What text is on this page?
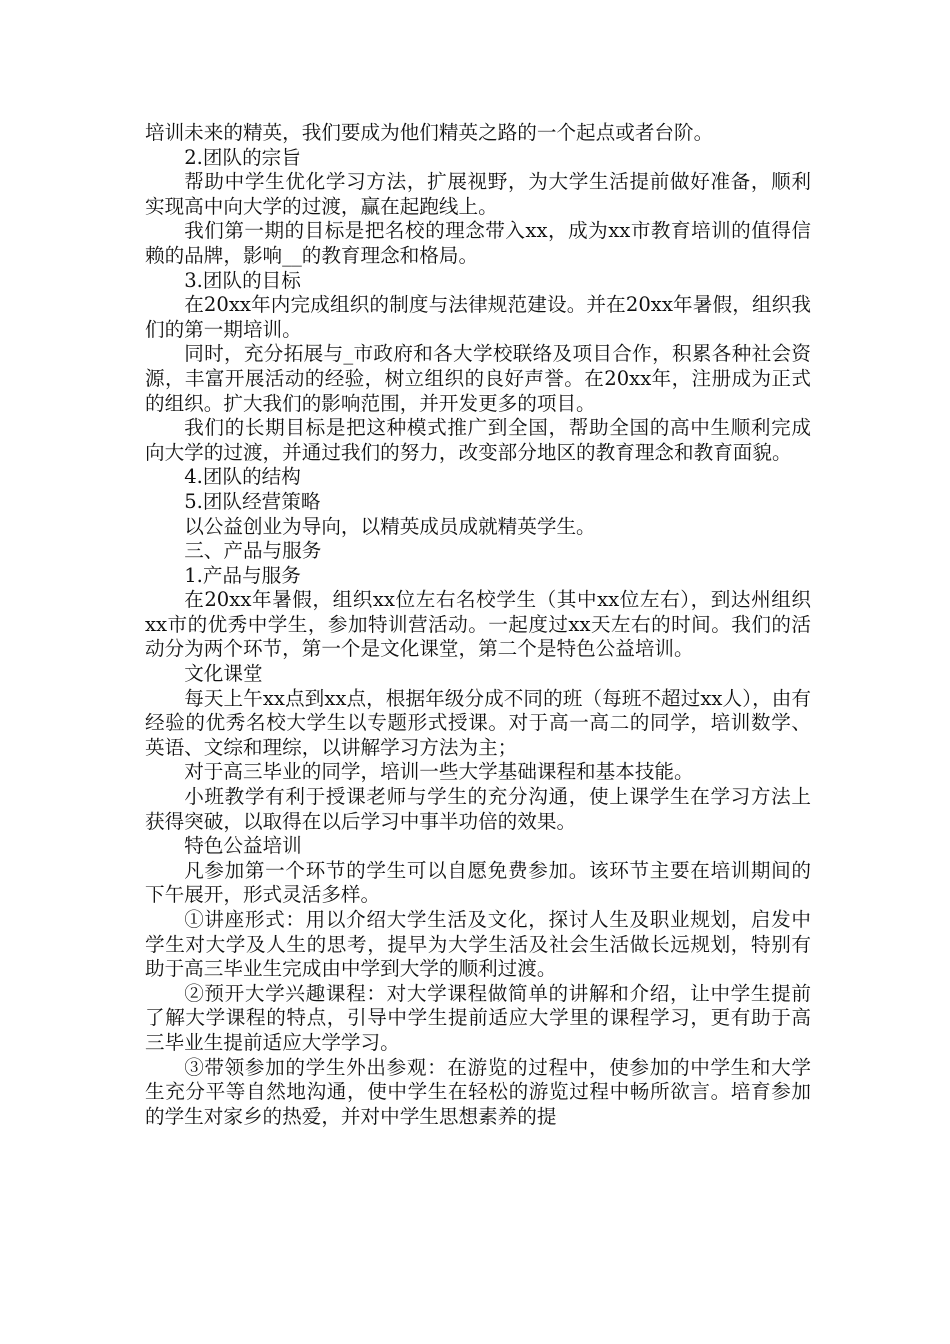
培训未来的精英，我们要成为他们精英之路的一个起点或者台阶。

2.团队的宗旨

帮助中学生优化学习方法，扩展视野，为大学生活提前做好准备，顺利实现高中向大学的过渡，赢在起跑线上。

我们第一期的目标是把名校的理念带入xx，成为xx市教育培训的值得信赖的品牌，影响__的教育理念和格局。

3.团队的目标

在20xx年内完成组织的制度与法律规范建设。并在20xx年暑假，组织我们的第一期培训。

同时，充分拓展与_市政府和各大学校联络及项目合作，积累各种社会资源，丰富开展活动的经验，树立组织的良好声誉。在20xx年，注册成为正式的组织。扩大我们的影响范围，并开发更多的项目。

我们的长期目标是把这种模式推广到全国，帮助全国的高中生顺利完成向大学的过渡，并通过我们的努力，改变部分地区的教育理念和教育面貌。

4.团队的结构

5.团队经营策略

以公益创业为导向，以精英成员成就精英学生。

三、产品与服务

1.产品与服务

在20xx年暑假，组织xx位左右名校学生（其中xx位左右），到达州组织xx市的优秀中学生，参加特训营活动。一起度过xx天左右的时间。我们的活动分为两个环节，第一个是文化课堂，第二个是特色公益培训。

文化课堂

每天上午xx点到xx点，根据年级分成不同的班（每班不超过xx人），由有经验的优秀名校大学生以专题形式授课。对于高一高二的同学，培训数学、英语、文综和理综，以讲解学习方法为主；

对于高三毕业的同学，培训一些大学基础课程和基本技能。

小班教学有利于授课老师与学生的充分沟通，使上课学生在学习方法上获得突破，以取得在以后学习中事半功倍的效果。

特色公益培训

凡参加第一个环节的学生可以自愿免费参加。该环节主要在培训期间的下午展开，形式灵活多样。

①讲座形式：用以介绍大学生活及文化，探讨人生及职业规划，启发中学生对大学及人生的思考，提早为大学生活及社会生活做长远规划，特别有助于高三毕业生完成由中学到大学的顺利过渡。

②预开大学兴趣课程：对大学课程做简单的讲解和介绍，让中学生提前了解大学课程的特点，引导中学生提前适应大学里的课程学习，更有助于高三毕业生提前适应大学学习。

③带领参加的学生外出参观：在游览的过程中，使参加的中学生和大学生充分平等自然地沟通，使中学生在轻松的游览过程中畅所欲言。培育参加的学生对家乡的热爱，并对中学生思想素养的提
